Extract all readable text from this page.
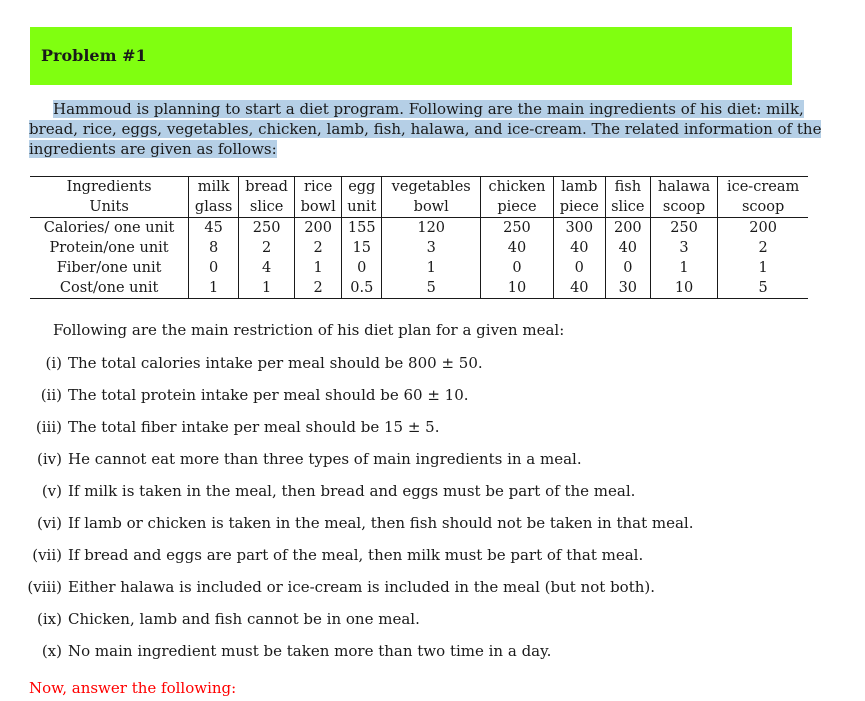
Problem #1
Hammoud is planning to start a diet program. Following are the main ingredients of his diet: milk,
bread, rice, eggs, vegetables, chicken, lamb, fish, halawa, and ice-cream. The related information of the
ingredients are given as follows:
Ingredients	milk	bread	rice	egg	vegetables	chicken	lamb	fish	halawa	ice-cream
Units	glass	slice	bowl	unit	bowl	piece	piece	slice	scoop	scoop
Calories/ one unit	45	250	200	155	120	250	300	200	250	200
Protein/one unit	8	2	2	15	3	40	40	40	3	2
Fiber/one unit	0	4	1	0	1	0	0	0	1	1
Cost/one unit	1	1	2	0.5	5	10	40	30	10	5
Following are the main restriction of his diet plan for a given meal:
(i) The total calories intake per meal should be 800 ± 50.
(ii) The total protein intake per meal should be 60 ± 10.
(iii) The total fiber intake per meal should be 15 ± 5.
(iv) He cannot eat more than three types of main ingredients in a meal.
(v) If milk is taken in the meal, then bread and eggs must be part of the meal.
(vi) If lamb or chicken is taken in the meal, then fish should not be taken in that meal.
(vii) If bread and eggs are part of the meal, then milk must be part of that meal.
(viii) Either halawa is included or ice-cream is included in the meal (but not both).
(ix) Chicken, lamb and fish cannot be in one meal.
(x) No main ingredient must be taken more than two time in a day.
Now, answer the following:
